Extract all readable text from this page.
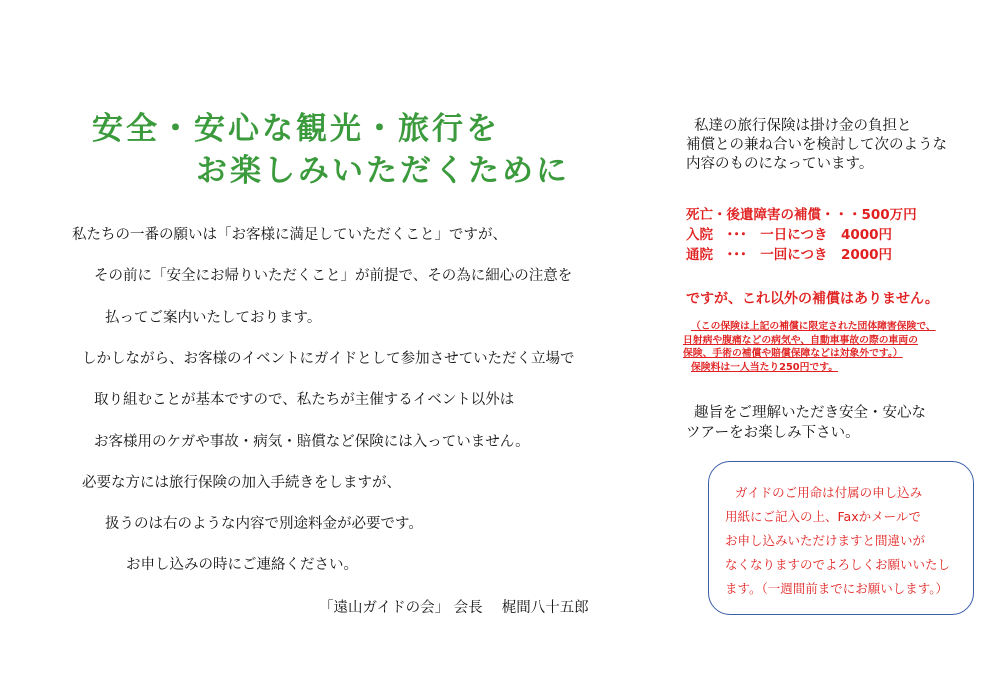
安全・安心な観光・旅行を
お楽しみいただくために
私たちの一番の願いは「お客様に満足していただくこと」ですが、
その前に「安全にお帰りいただくこと」が前提で、その為に細心の注意を
払ってご案内いたしております。
しかしながら、お客様のイベントにガイドとして参加させていただく立場で
取り組むことが基本ですので、私たちが主催するイベント以外は
お客様用のケガや事故・病気・賠償など保険には入っていません。
必要な方には旅行保険の加入手続きをしますが、
扱うのは右のような内容で別途料金が必要です。
お申し込みの時にご連絡ください。
「遠山ガイドの会」 会長　 梶間八十五郎
私達の旅行保険は掛け金の負担と
補償との兼ね合いを検討して次のような
内容のものになっています。
死亡・後遺障害の補償・・・500万円
入院　･･･　一日につき　4000円
通院　･･･　一回につき　2000円
ですが、これ以外の補償はありません。
（この保険は上記の補償に限定された団体障害保険で、
日射病や腹痛などの病気や、自動車事故の際の車両の
保険、手術の補償や賠償保障などは対象外です。）
保険料は一人当たり250円です。
趣旨をご理解いただき安全・安心な
ツアーをお楽しみ下さい。
ガイドのご用命は付属の申し込み
用紙にご記入の上、Faxかメールで
お申し込みいただけますと間違いが
なくなりますのでよろしくお願いいたし
ます。（一週間前までにお願いします。）
